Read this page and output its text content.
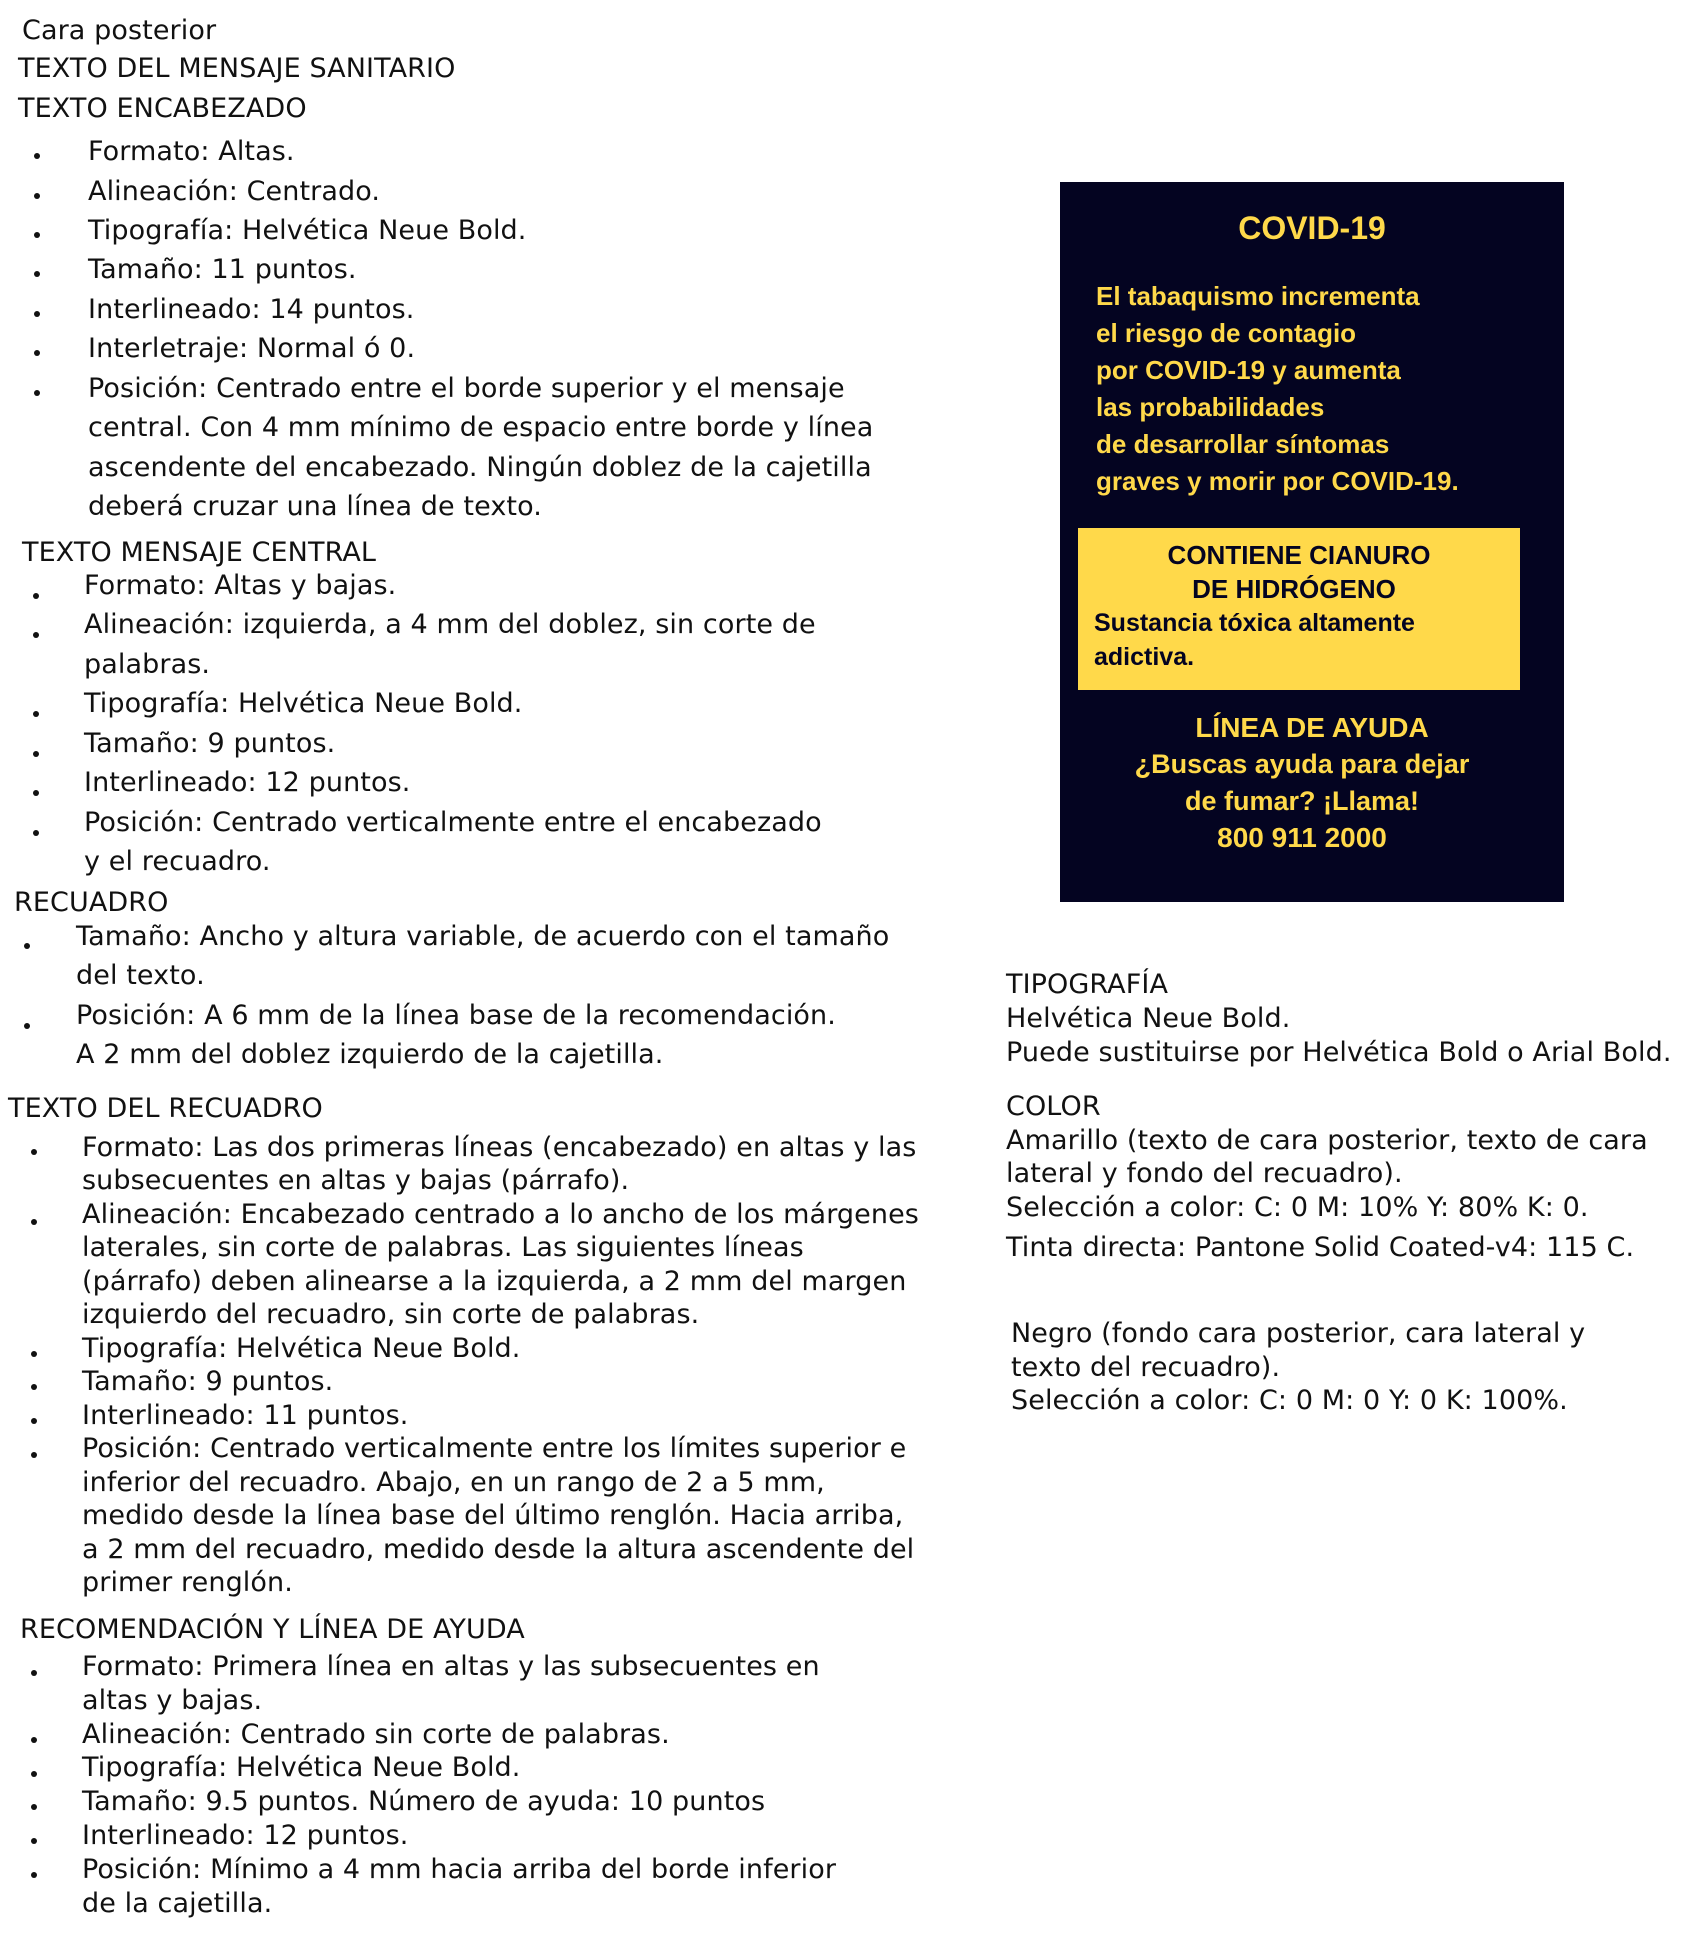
Cara posterior
TEXTO DEL MENSAJE SANITARIO
TEXTO ENCABEZADO
Formato: Altas.
Alineación: Centrado.
Tipografía: Helvética Neue Bold.
Tamaño: 11 puntos.
Interlineado: 14 puntos.
Interletraje: Normal ó 0.
Posición: Centrado entre el borde superior y el mensaje
central. Con 4 mm mínimo de espacio entre borde y línea
ascendente del encabezado. Ningún doblez de la cajetilla
deberá cruzar una línea de texto.
TEXTO MENSAJE CENTRAL
Formato: Altas y bajas.
Alineación: izquierda, a 4 mm del doblez, sin corte de
palabras.
Tipografía: Helvética Neue Bold.
Tamaño: 9 puntos.
Interlineado: 12 puntos.
Posición: Centrado verticalmente entre el encabezado
y el recuadro.
RECUADRO
Tamaño: Ancho y altura variable, de acuerdo con el tamaño
del texto.
Posición: A 6 mm de la línea base de la recomendación.
A 2 mm del doblez izquierdo de la cajetilla.
TEXTO DEL RECUADRO
Formato: Las dos primeras líneas (encabezado) en altas y las
subsecuentes en altas y bajas (párrafo).
Alineación: Encabezado centrado a lo ancho de los márgenes
laterales, sin corte de palabras. Las siguientes líneas
(párrafo) deben alinearse a la izquierda, a 2 mm del margen
izquierdo del recuadro, sin corte de palabras.
Tipografía: Helvética Neue Bold.
Tamaño: 9 puntos.
Interlineado: 11 puntos.
Posición: Centrado verticalmente entre los límites superior e
inferior del recuadro. Abajo, en un rango de 2 a 5 mm,
medido desde la línea base del último renglón. Hacia arriba,
a 2 mm del recuadro, medido desde la altura ascendente del
primer renglón.
RECOMENDACIÓN Y LÍNEA DE AYUDA
Formato: Primera línea en altas y las subsecuentes en
altas y bajas.
Alineación: Centrado sin corte de palabras.
Tipografía: Helvética Neue Bold.
Tamaño: 9.5 puntos. Número de ayuda: 10 puntos
Interlineado: 12 puntos.
Posición: Mínimo a 4 mm hacia arriba del borde inferior
de la cajetilla.
TIPOGRAFÍA
Helvética Neue Bold.
Puede sustituirse por Helvética Bold o Arial Bold.
COLOR
Amarillo (texto de cara posterior, texto de cara
lateral y fondo del recuadro).
Selección a color: C: 0 M: 10% Y: 80% K: 0.
Tinta directa: Pantone Solid Coated-v4: 115 C.
Negro (fondo cara posterior, cara lateral y
texto del recuadro).
Selección a color: C: 0 M: 0 Y: 0 K: 100%.
COVID-19
El tabaquismo incrementa
el riesgo de contagio
por COVID-19 y aumenta
las probabilidades
de desarrollar síntomas
graves y morir por COVID-19.
LÍNEA DE AYUDA
¿Buscas ayuda para dejar
de fumar? ¡Llama!
800 911 2000
CONTIENE CIANURO
DE HIDRÓGENO
Sustancia tóxica altamente
adictiva.
